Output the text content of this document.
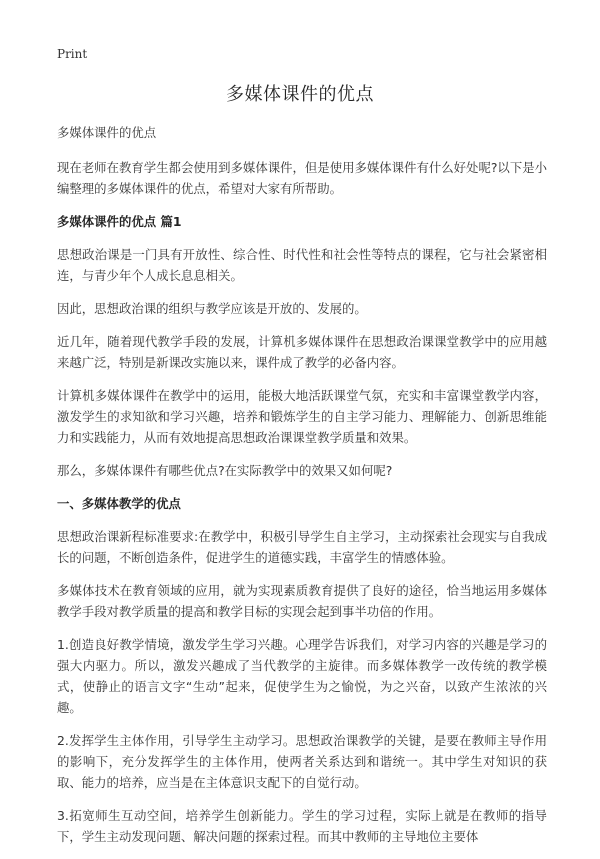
Print
多媒体课件的优点

多媒体课件的优点

现在老师在教育学生都会使用到多媒体课件，但是使用多媒体课件有什么好处呢?以下是小编整理的多媒体课件的优点，希望对大家有所帮助。

多媒体课件的优点 篇1

思想政治课是一门具有开放性、综合性、时代性和社会性等特点的课程，它与社会紧密相连，与青少年个人成长息息相关。

因此，思想政治课的组织与教学应该是开放的、发展的。

近几年，随着现代教学手段的发展，计算机多媒体课件在思想政治课课堂教学中的应用越来越广泛，特别是新课改实施以来，课件成了教学的必备内容。

计算机多媒体课件在教学中的运用，能极大地活跃课堂气氛，充实和丰富课堂教学内容，激发学生的求知欲和学习兴趣，培养和锻炼学生的自主学习能力、理解能力、创新思维能力和实践能力，从而有效地提高思想政治课课堂教学质量和效果。

那么，多媒体课件有哪些优点?在实际教学中的效果又如何呢?

一、多媒体教学的优点

思想政治课新程标准要求:在教学中，积极引导学生自主学习，主动探索社会现实与自我成长的问题，不断创造条件，促进学生的道德实践，丰富学生的情感体验。

多媒体技术在教育领域的应用，就为实现素质教育提供了良好的途径，恰当地运用多媒体教学手段对教学质量的提高和教学目标的实现会起到事半功倍的作用。

1.创造良好教学情境，激发学生学习兴趣。心理学告诉我们，对学习内容的兴趣是学习的强大内驱力。所以，激发兴趣成了当代教学的主旋律。而多媒体教学一改传统的教学模式，使静止的语言文字“生动”起来，促使学生为之愉悦，为之兴奋，以致产生浓浓的兴趣。

2.发挥学生主体作用，引导学生主动学习。思想政治课教学的关键，是要在教师主导作用的影响下，充分发挥学生的主体作用，使两者关系达到和谐统一。其中学生对知识的获取、能力的培养，应当是在主体意识支配下的自觉行动。

3.拓宽师生互动空间，培养学生创新能力。学生的学习过程，实际上就是在教师的指导下，学生主动发现问题、解决问题的探索过程。而其中教师的主导地位主要体
